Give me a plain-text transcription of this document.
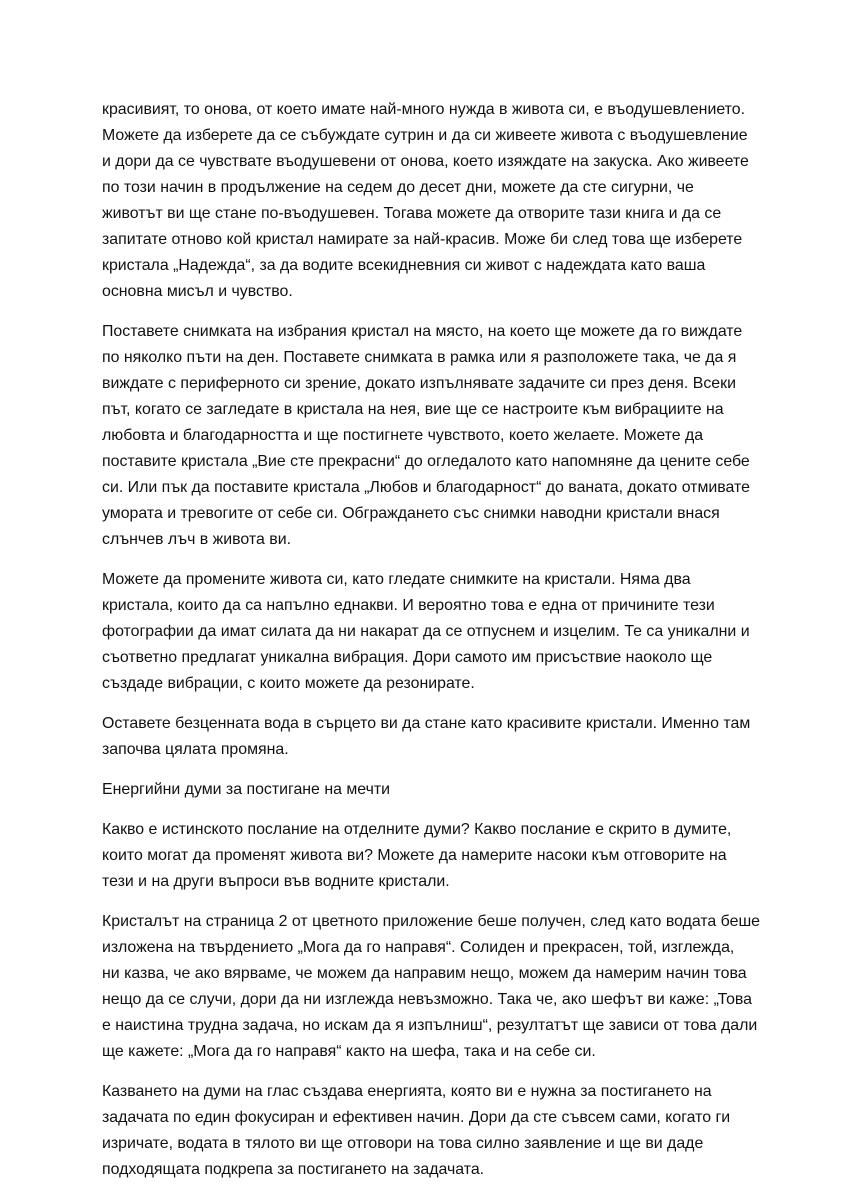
красивият, то онова, от което имате най-много нужда в живота си, е въодушевлението.
Можете да изберете да се събуждате сутрин и да си живеете живота с въодушевление
и дори да се чувствате въодушевени от онова, което изяждате на закуска. Ако живеете
по този начин в продължение на седем до десет дни, можете да сте сигурни, че
животът ви ще стане по-въодушевен. Тогава можете да отворите тази книга и да се
запитате отново кой кристал намирате за най-красив. Може би след това ще изберете
кристала „Надежда“, за да водите всекидневния си живот с надеждата като ваша
основна мисъл и чувство.
Поставете снимката на избрания кристал на място, на което ще можете да го виждате
по няколко пъти на ден. Поставете снимката в рамка или я разположете така, че да я
виждате с периферното си зрение, докато изпълнявате задачите си през деня. Всеки
път, когато се загледате в кристала на нея, вие ще се настроите към вибрациите на
любовта и благодарността и ще постигнете чувството, което желаете. Можете да
поставите кристала „Вие сте прекрасни“ до огледалото като напомняне да цените себе
си. Или пък да поставите кристала „Любов и благодарност“ до ваната, докато отмивате
умората и тревогите от себе си. Обграждането със снимки наводни кристали внася
слънчев лъч в живота ви.
Можете да промените живота си, като гледате снимките на кристали. Няма два
кристала, които да са напълно еднакви. И вероятно това е една от причините тези
фотографии да имат силата да ни накарат да се отпуснем и изцелим. Те са уникални и
съответно предлагат уникална вибрация. Дори самото им присъствие наоколо ще
създаде вибрации, с които можете да резонирате.
Оставете безценната вода в сърцето ви да стане като красивите кристали. Именно там
започва цялата промяна.
Енергийни думи за постигане на мечти
Какво е истинското послание на отделните думи? Какво послание е скрито в думите,
които могат да променят живота ви? Можете да намерите насоки към отговорите на
тези и на други въпроси във водните кристали.
Кристалът на страница 2 от цветното приложение беше получен, след като водата беше
изложена на твърдението „Мога да го направя“. Солиден и прекрасен, той, изглежда,
ни казва, че ако вярваме, че можем да направим нещо, можем да намерим начин това
нещо да се случи, дори да ни изглежда невъзможно. Така че, ако шефът ви каже: „Това
е наистина трудна задача, но искам да я изпълниш“, резултатът ще зависи от това дали
ще кажете: „Мога да го направя“ както на шефа, така и на себе си.
Казването на думи на глас създава енергията, която ви е нужна за постигането на
задачата по един фокусиран и ефективен начин. Дори да сте съвсем сами, когато ги
изричате, водата в тялото ви ще отговори на това силно заявление и ще ви даде
подходящата подкрепа за постигането на задачата.
